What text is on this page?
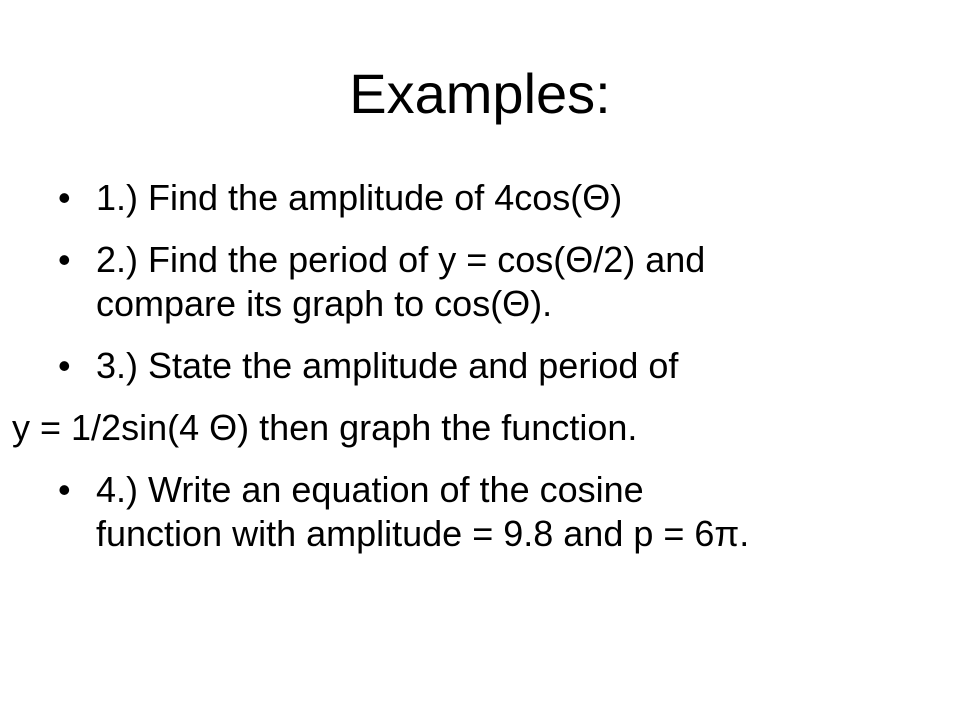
Examples:
• 1.) Find the amplitude of 4cos(Θ)
• 2.) Find the period of y = cos(Θ/2) and
compare its graph to cos(Θ).
• 3.) State the amplitude and period of
y = 1/2sin(4 Θ) then graph the function.
• 4.) Write an equation of the cosine
function with amplitude = 9.8 and p = 6π.
